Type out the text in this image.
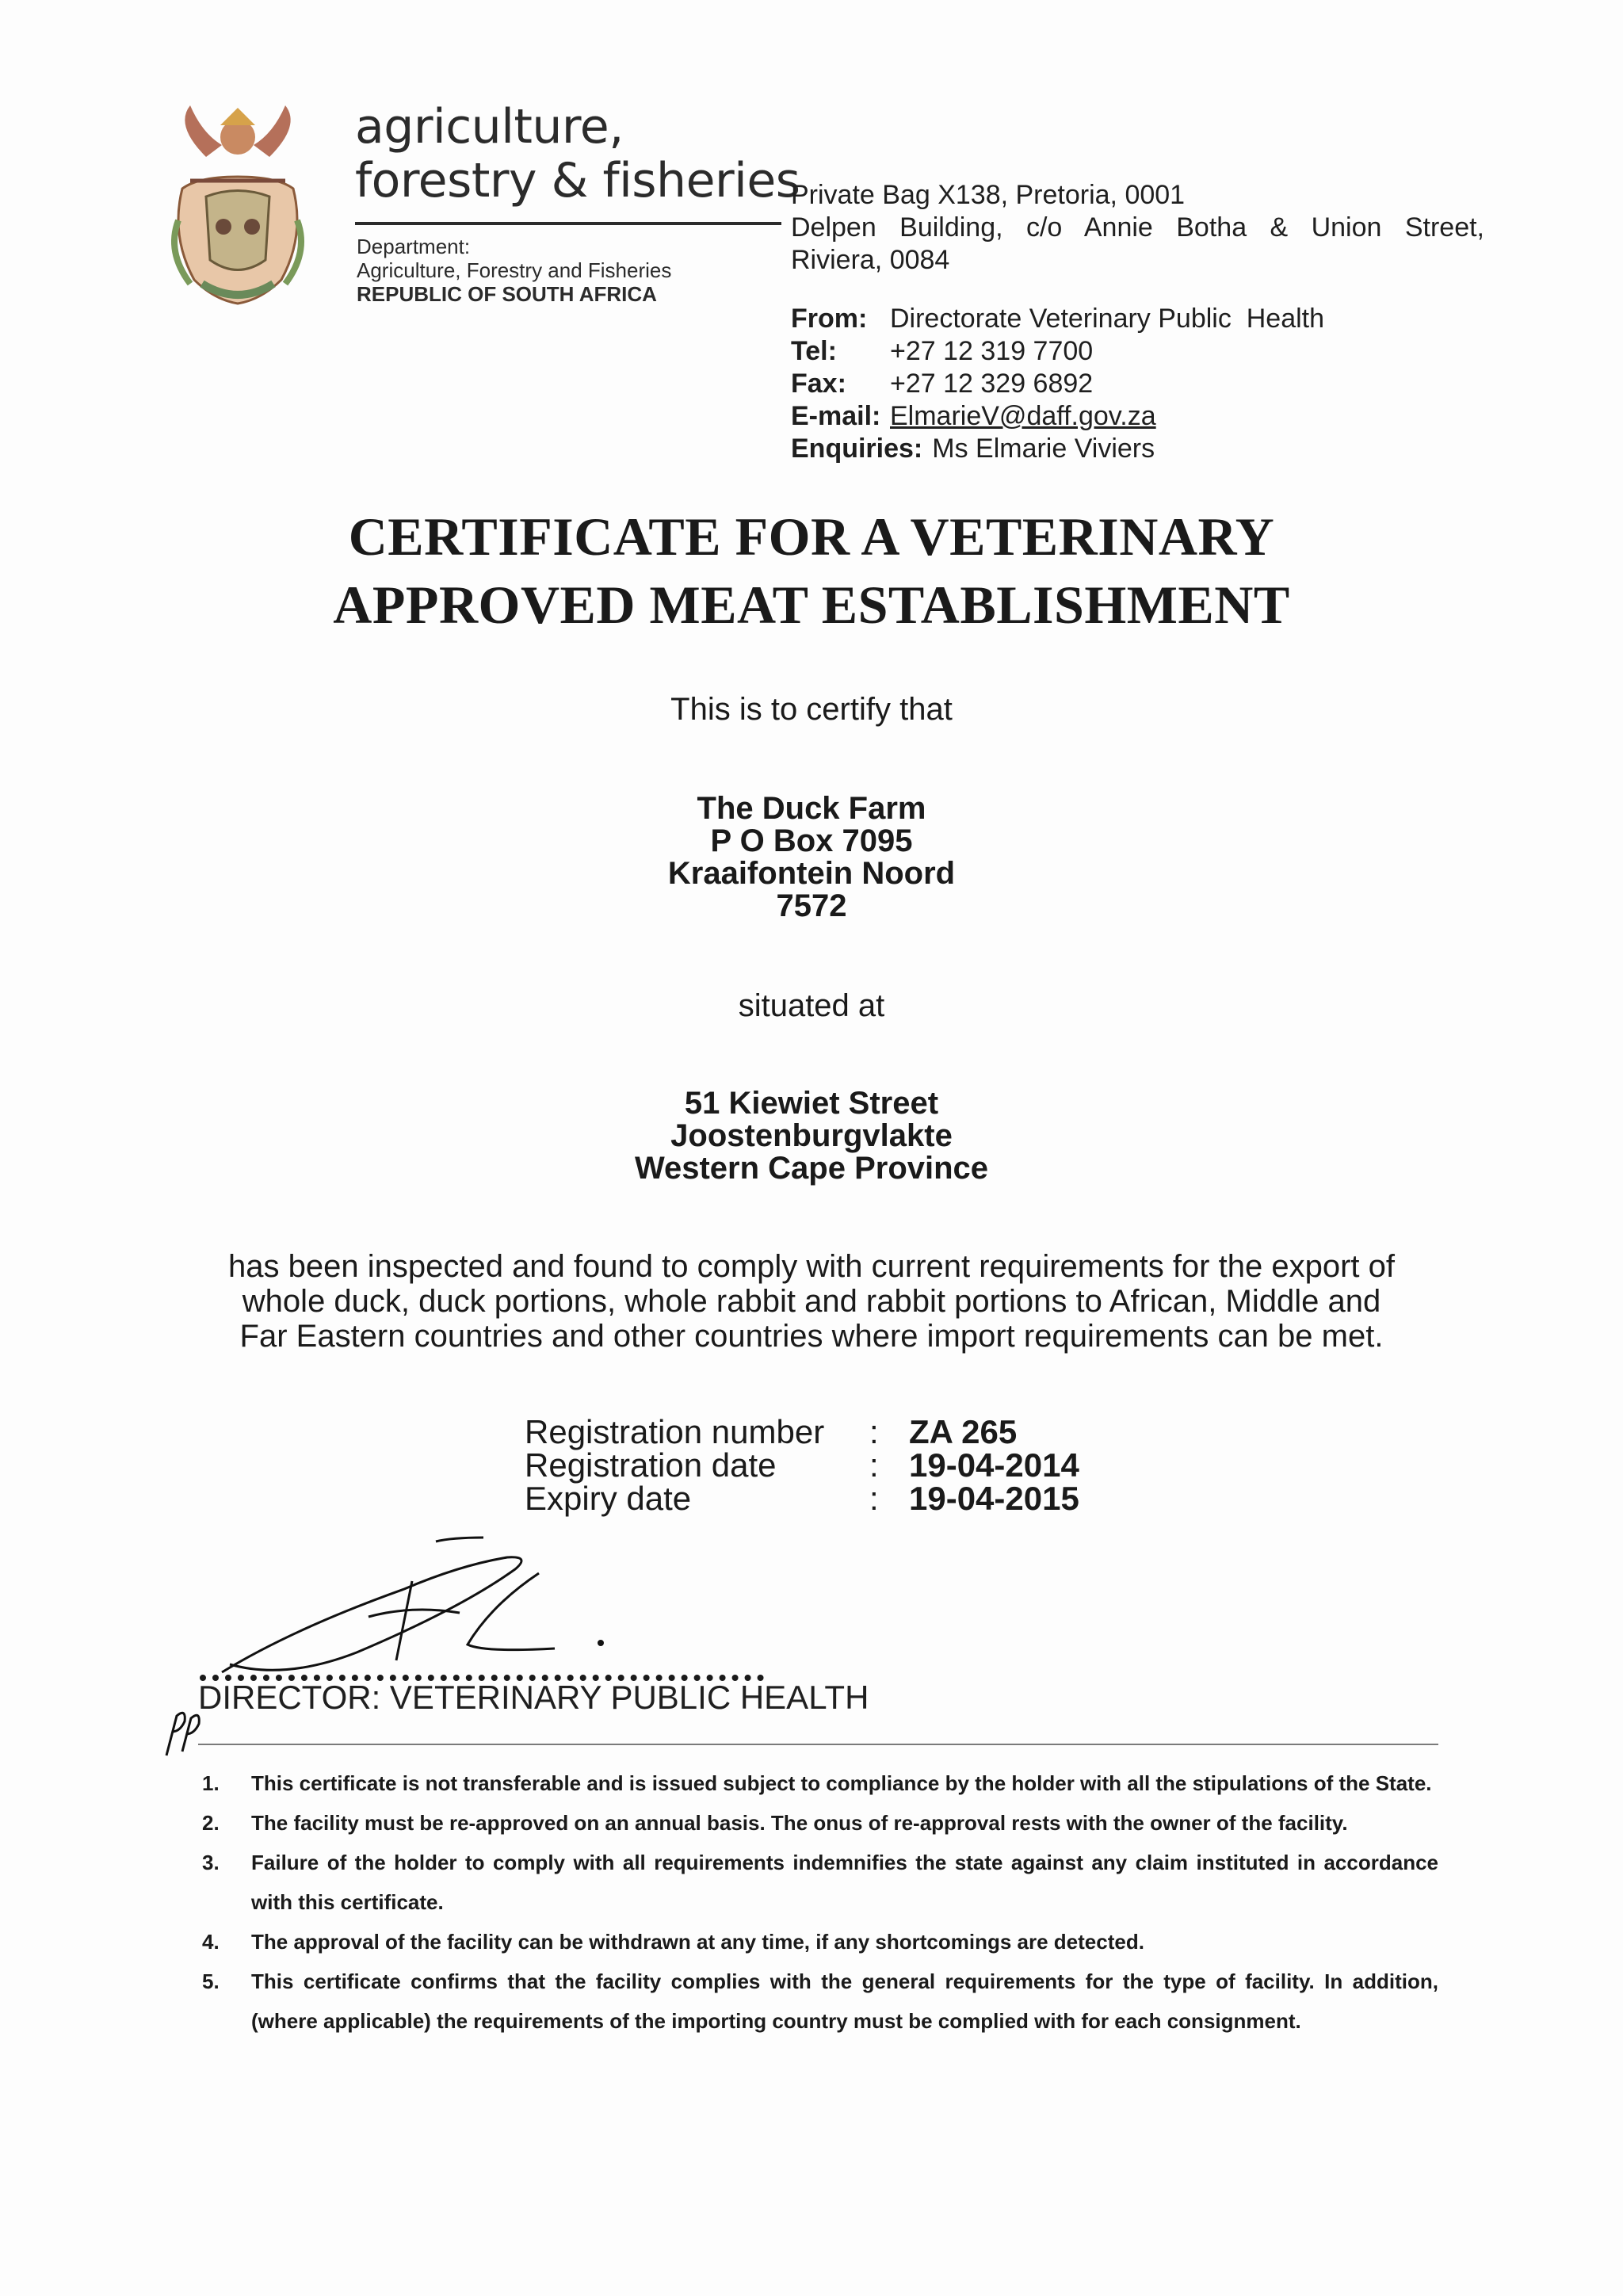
agriculture,
forestry & fisheries
Department:
Agriculture, Forestry and Fisheries
REPUBLIC OF SOUTH AFRICA
Private Bag X138, Pretoria, 0001
Delpen Building, c/o Annie Botha & Union Street,
Riviera, 0084
From: Directorate Veterinary Public  Health
Tel:	+27 12 319 7700
Fax:	+27 12 329 6892
E-mail: ElmarieV@daff.gov.za
Enquiries: Ms Elmarie Viviers
CERTIFICATE FOR A VETERINARY
APPROVED MEAT ESTABLISHMENT
This is to certify that
The Duck Farm
P O Box 7095
Kraaifontein Noord
7572
situated at
51 Kiewiet Street
Joostenburgvlakte
Western Cape Province
has been inspected and found to comply with current requirements for the export of
whole duck, duck portions, whole rabbit and rabbit portions to African, Middle and
Far Eastern countries and other countries where import requirements can be met.
Registration number	: ZA 265
Registration date	: 19-04-2014
Expiry date	: 19-04-2015
DIRECTOR: VETERINARY PUBLIC HEALTH
1.	This certificate is not transferable and is issued subject to compliance by the holder with all the stipulations of the State.
2.	The facility must be re-approved on an annual basis. The onus of re-approval rests with the owner of the facility.
3.	Failure of the holder to comply with all requirements indemnifies the state against any claim instituted in accordance with this certificate.
4.	The approval of the facility can be withdrawn at any time, if any shortcomings are detected.
5.	This certificate confirms that the facility complies with the general requirements for the type of facility. In addition, (where applicable) the requirements of the importing country must be complied with for each consignment.
